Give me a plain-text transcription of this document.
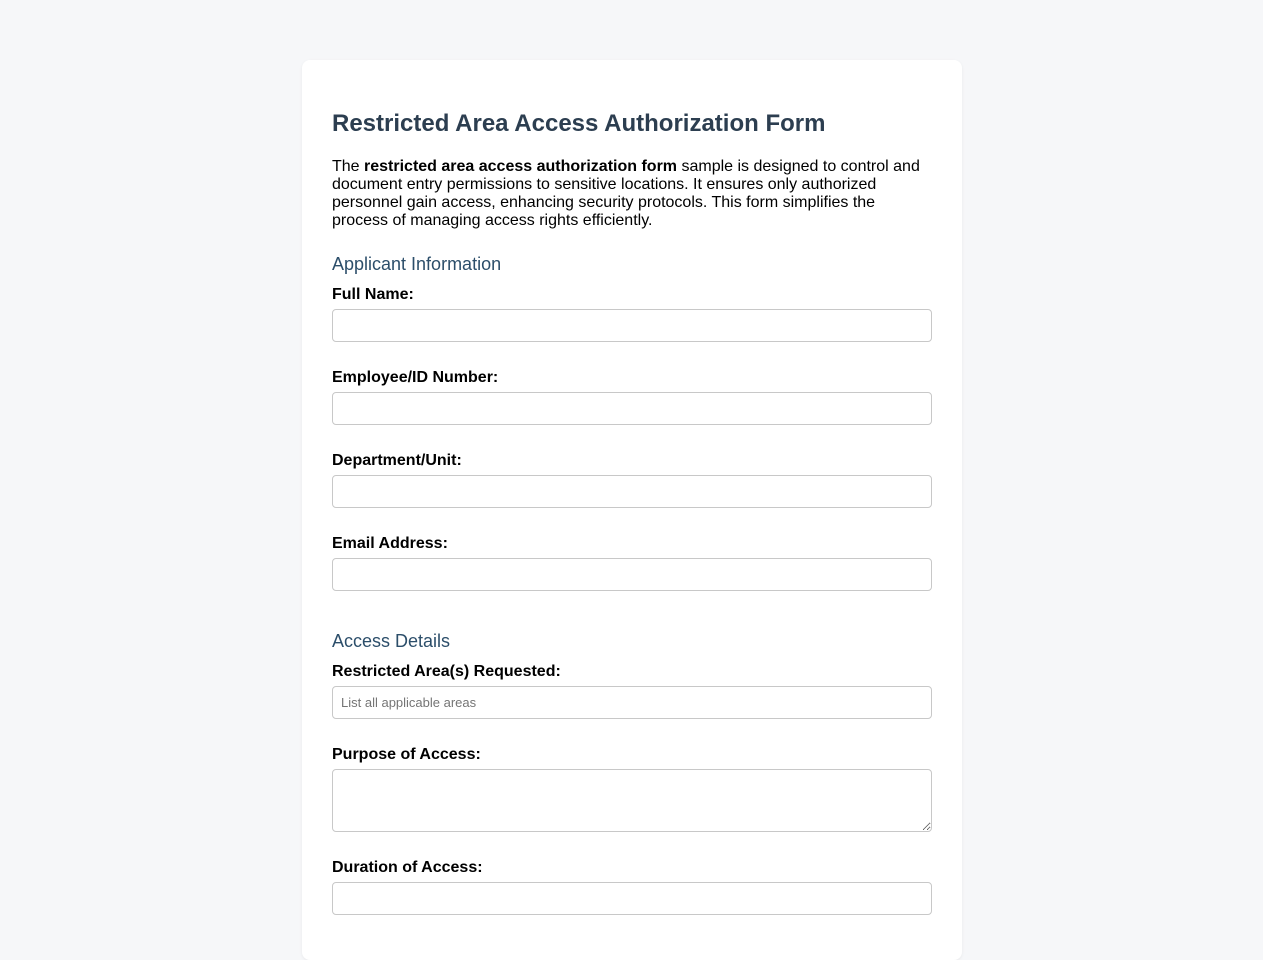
Restricted Area Access Authorization Form

The restricted area access authorization form sample is designed to control and document entry permissions to sensitive locations. It ensures only authorized personnel gain access, enhancing security protocols. This form simplifies the process of managing access rights efficiently.

Applicant Information
Full Name:
Employee/ID Number:
Department/Unit:
Email Address:
Access Details
Restricted Area(s) Requested:
List all applicable areas
Purpose of Access:
Duration of Access:
